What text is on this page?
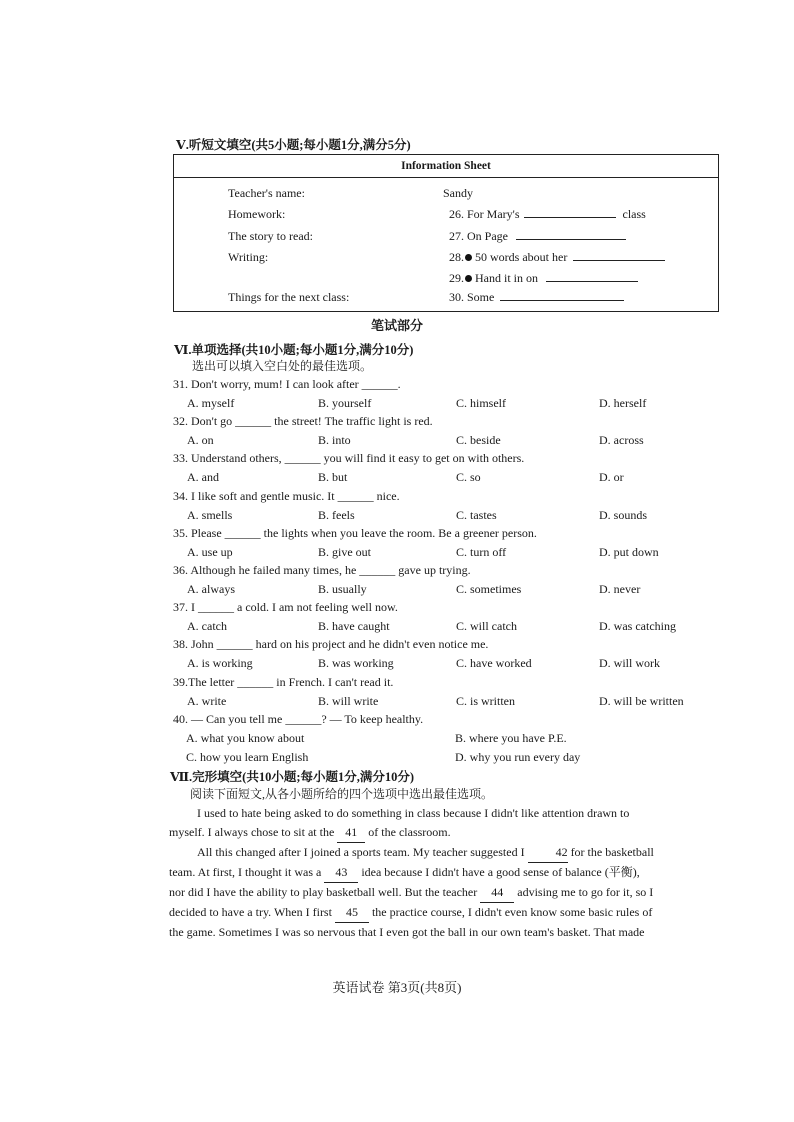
Ⅴ.听短文填空(共5小题;每小题1分,满分5分)
Information Sheet
Teacher's name:	Sandy
Homework:	26. For Mary's	class
The story to read:	27. On Page
Writing:	28. 50 words about her
29. Hand it in on
Things for the next class:	30. Some
笔试部分
Ⅵ.单项选择(共10小题;每小题1分,满分10分)
选出可以填入空白处的最佳选项。
31. Don't worry, mum! I can look after ______.
A. myself	B. yourself	C. himself	D. herself
32. Don't go ______ the street! The traffic light is red.
A. on	B. into	C. beside	D. across
33. Understand others, ______ you will find it easy to get on with others.
A. and	B. but	C. so	D. or
34. I like soft and gentle music. It ______ nice.
A. smells	B. feels	C. tastes	D. sounds
35. Please ______ the lights when you leave the room. Be a greener person.
A. use up	B. give out	C. turn off	D. put down
36. Although he failed many times, he ______ gave up trying.
A. always	B. usually	C. sometimes	D. never
37. I ______ a cold. I am not feeling well now.
A. catch	B. have caught	C. will catch	D. was catching
38. John ______ hard on his project and he didn't even notice me.
A. is working	B. was working	C. have worked	D. will work
39.The letter ______ in French. I can't read it.
A. write	B. will write	C. is written	D. will be written
40. — Can you tell me ______? — To keep healthy.
A. what you know about	B. where you have P.E.
C. how you learn English	D. why you run every day
Ⅶ.完形填空(共10小题;每小题1分,满分10分)
阅读下面短文,从各小题所给的四个选项中选出最佳选项。
I used to hate being asked to do something in class because I didn't like attention drawn to
myself. I always chose to sit at the 41 of the classroom.
All this changed after I joined a sports team. My teacher suggested I	42 for the basketball
team. At first, I thought it was a 43 idea because I didn't have a good sense of balance (平衡),
nor did I have the ability to play basketball well. But the teacher 44 advising me to go for it, so I
decided to have a try. When I first 45 the practice course, I didn't even know some basic rules of
the game. Sometimes I was so nervous that I even got the ball in our own team's basket. That made
英语试卷 第3页(共8页)
